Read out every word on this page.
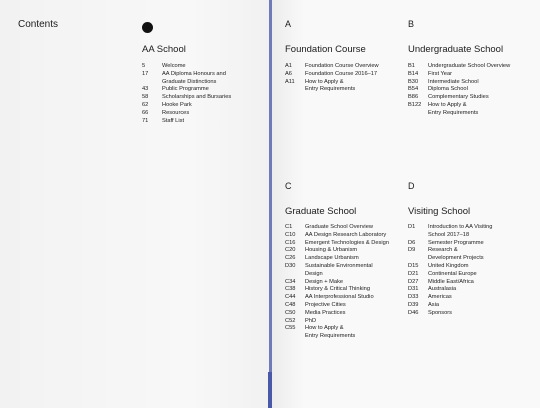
Contents
AA School
5	Welcome
17	AA Diploma Honours and
Graduate Distinctions
43	Public Programme
58	Scholarships and Bursaries
62	Hooke Park
66	Resources
71	Staff List
A
Foundation Course
A1	Foundation Course Overview
A6	Foundation Course 2016–17
A11	How to Apply &
Entry Requirements
B
Undergraduate School
B1	Undergraduate School Overview
B14	First Year
B30	Intermediate School
B54	Diploma School
B86	Complementary Studies
B122	How to Apply &
Entry Requirements
C
Graduate School
C1	Graduate School Overview
C10	AA Design Research Laboratory
C16	Emergent Technologies & Design
C20	Housing & Urbanism
C26	Landscape Urbanism
D30	Sustainable Environmental
Design
C34	Design + Make
C38	History & Critical Thinking
C44	AA Interprofessional Studio
C48	Projective Cities
C50	Media Practices
C52	PhD
C55	How to Apply &
Entry Requirements
D
Visiting School
D1	Introduction to AA Visiting
School 2017–18
D6	Semester Programme
D9	Research &
Development Projects
D15	United Kingdom
D21	Continental Europe
D27	Middle East/Africa
D31	Australasia
D33	Americas
D39	Asia
D46	Sponsors
